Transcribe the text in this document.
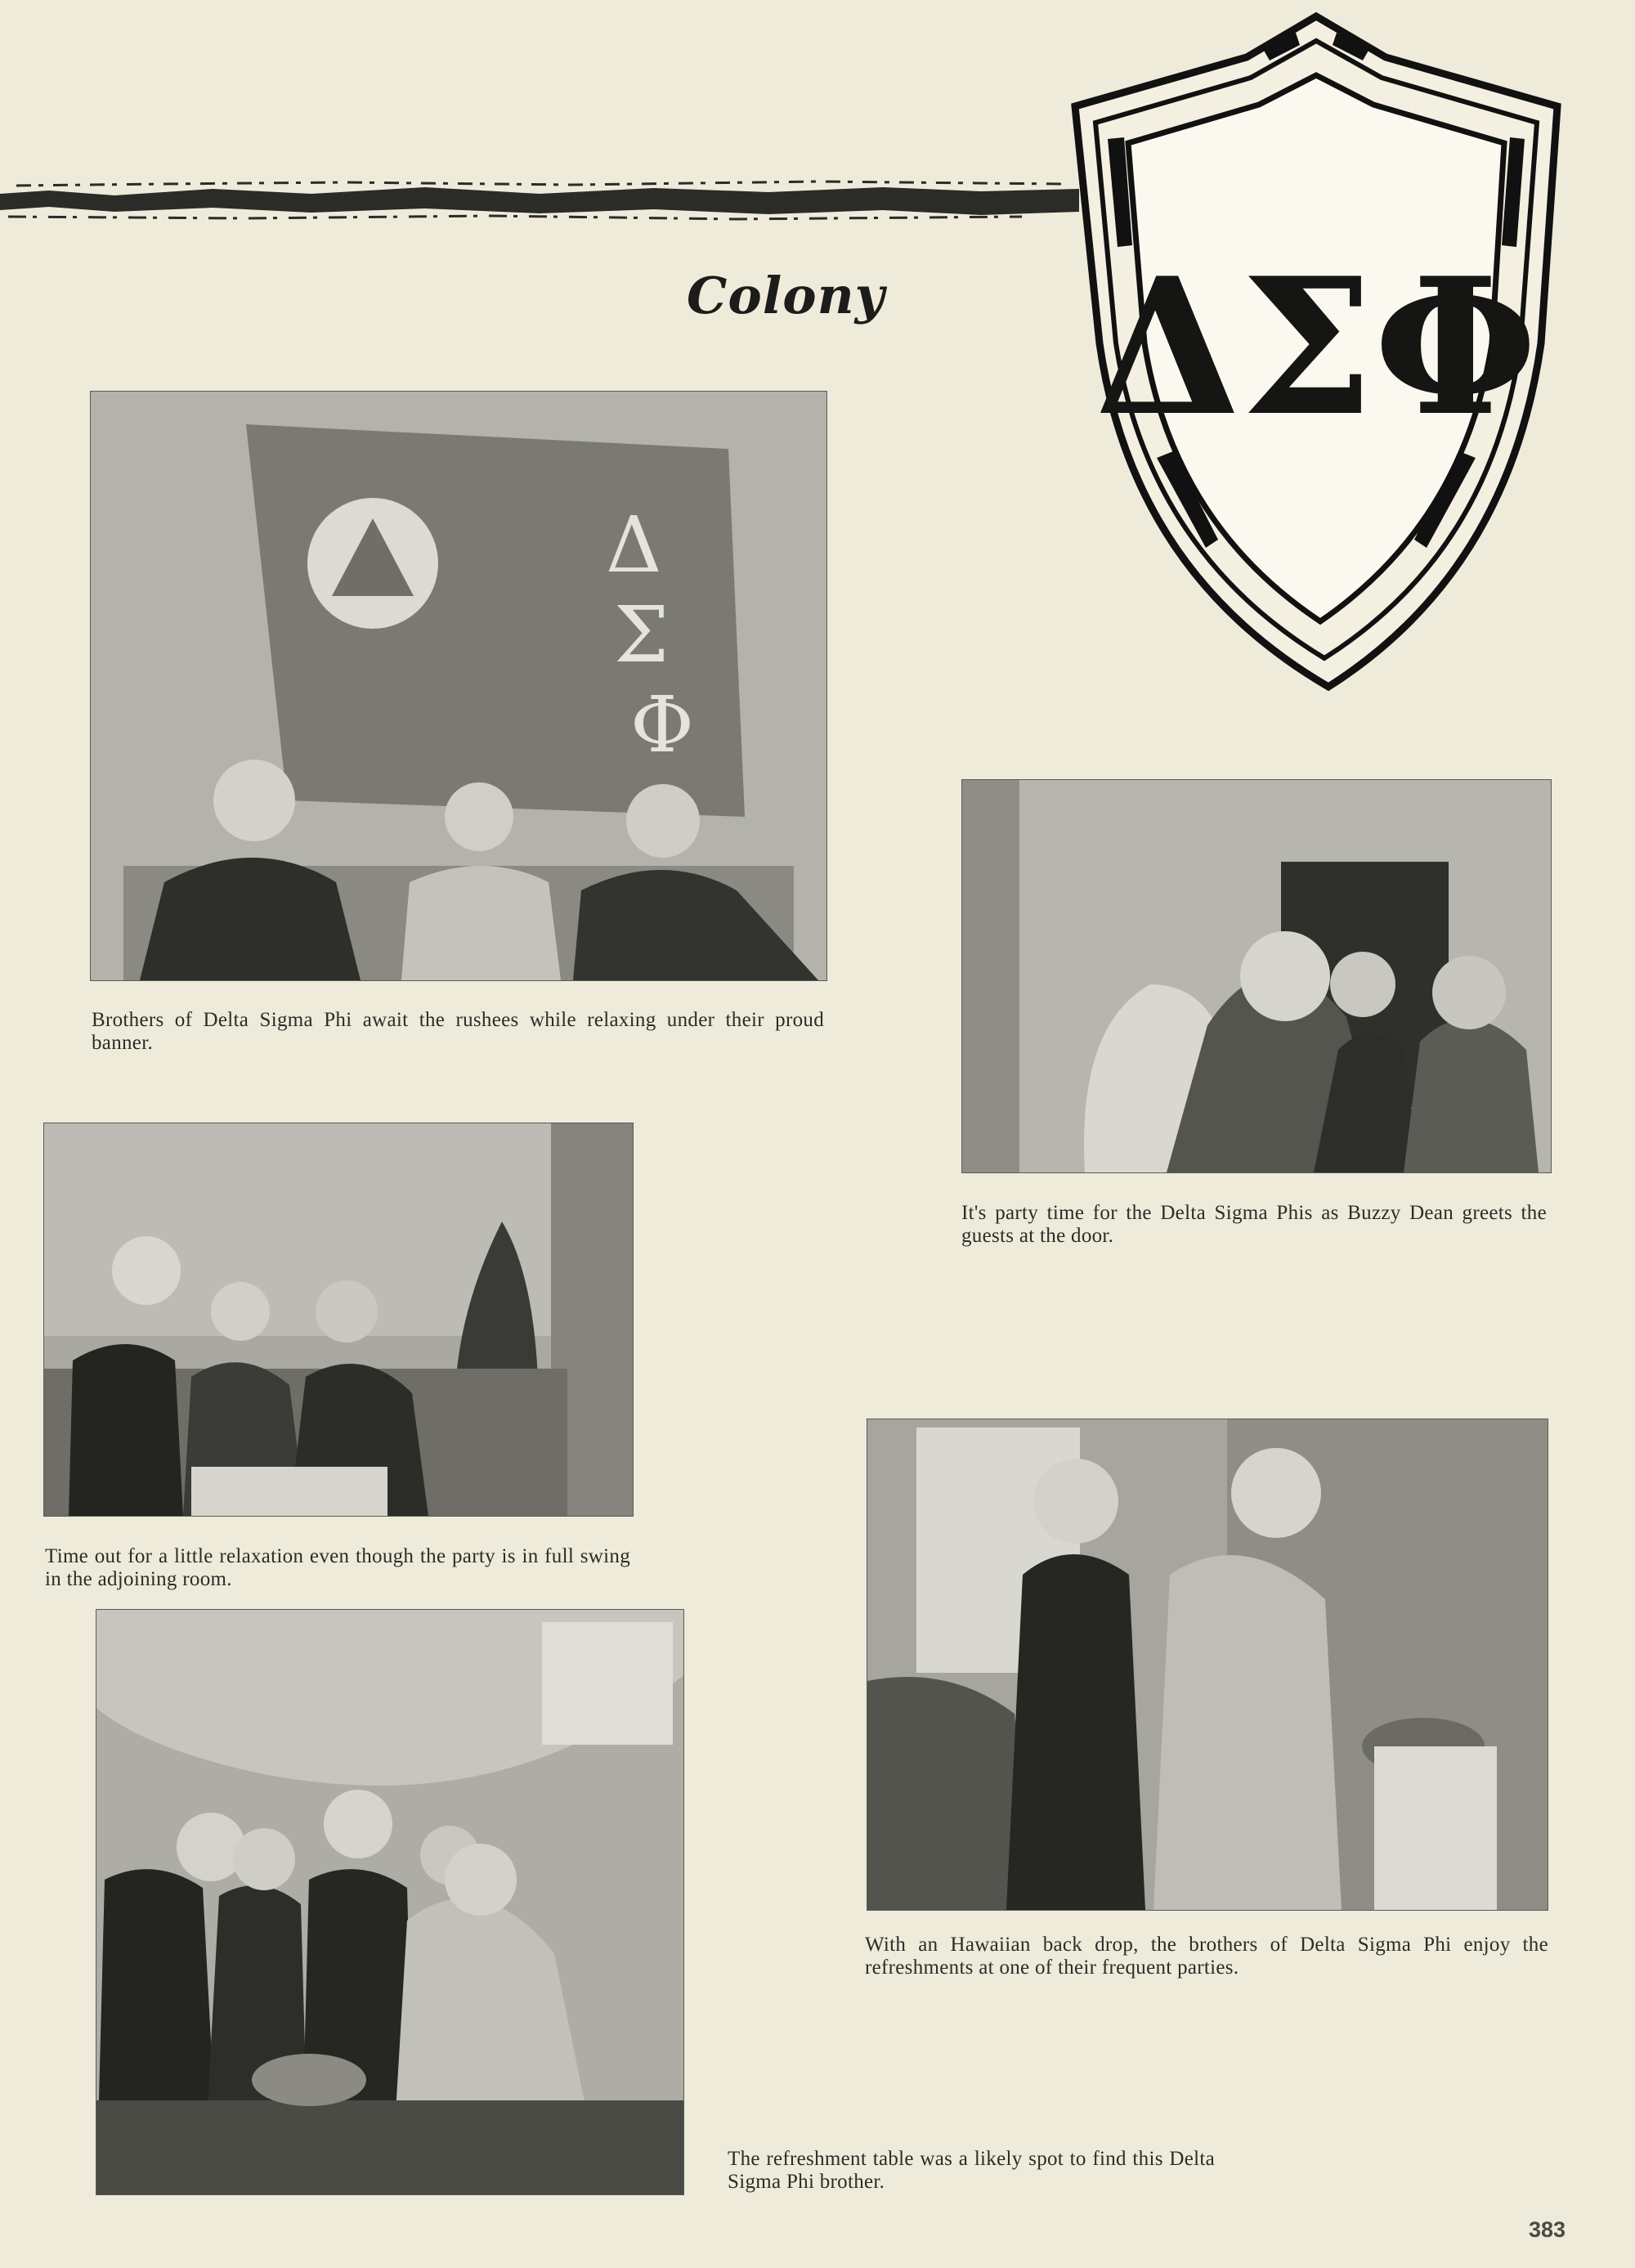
Colony ΔΣΦ
Δ
Σ
Φ
Brothers of Delta Sigma Phi await the rushees while relaxing under their proud banner.
It's party time for the Delta Sigma Phis as Buzzy Dean greets the guests at the door.
Time out for a little relaxation even though the party is in full swing in the adjoining room.
With an Hawaiian back drop, the brothers of Delta Sigma Phi enjoy the refreshments at one of their frequent parties.
The refreshment table was a likely spot to find this Delta Sigma Phi brother.
383
